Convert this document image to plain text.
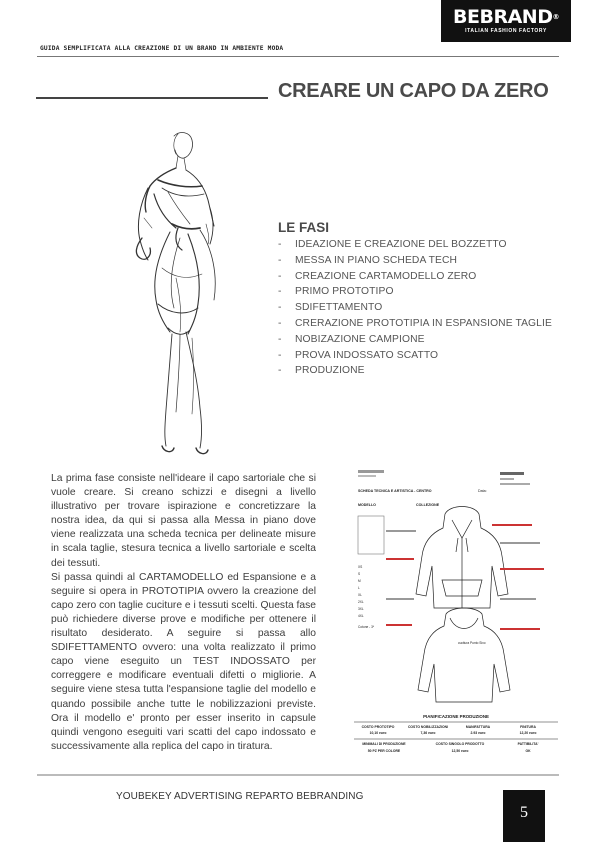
BEBRAND®
ITALIAN FASHION FACTORY
GUIDA SEMPLIFICATA ALLA CREAZIONE DI UN BRAND IN AMBIENTE MODA
CREARE UN CAPO DA ZERO
LE FASI
- IDEAZIONE E CREAZIONE DEL BOZZETTO
- MESSA IN PIANO SCHEDA TECH
- CREAZIONE CARTAMODELLO ZERO
- PRIMO PROTOTIPO
- SDIFETTAMENTO
- CRERAZIONE PROTOTIPIA IN ESPANSIONE TAGLIE
- NOBIZAZIONE CAMPIONE
- PROVA INDOSSATO SCATTO
- PRODUZIONE

La prima fase consiste nell'ideare il capo sartoriale che si vuole creare. Si creano schizzi e disegni a livello illustrativo per trovare ispirazione e concretizzare la nostra idea, da qui si passa alla Messa in piano dove viene realizzata una scheda tecnica per delineate misure in scala taglie, stesura tecnica a livello sartoriale e scelta dei tessuti.

Si passa quindi al CARTAMODELLO ed Espansione e a seguire si opera in PROTOTIPIA ovvero la creazione del capo zero con taglie cuciture e i tessuti scelti. Questa fase può richiedere diverse prove e modifiche per ottenere il risultato desiderato. A seguire si passa allo SDIFETTAMENTO ovvero: una volta realizzato il primo capo viene eseguito un TEST INDOSSATO per correggere e modificare eventuali difetti o migliorie. A seguire viene stesa tutta l'espansione taglie del modello e quando possibile anche tutte le nobilizzazioni previste. Ora il modello e' pronto per esser inserito in capsule quindi vengono eseguiti vari scatti del capo indossato e successivamente alla replica del capo in tiratura.

SCHEDA TECNICA E ARTISTICA - CENTRO	Data:
MODELLO	COLLEZIONE
XS
S
M
L
XL
2XL
3XL
4XL
Cotone - 3*
cucitura Punto Sixo
PIANIFICAZIONE PRODUZIONE
COSTO PROTOTIPO
10,10 euro
COSTO NOBILIZZAZIONI
7,36 euro
MANIFATTURA
2.93 euro
FINITURA
12,20 euro
MINIMALI DI PRODUZIONE
50 PZ PER COLORE
COSTO SINGOLO PRODOTTO
12,50 euro
PATTIBILITA'
OK
YOUBEKEY ADVERTISING REPARTO BEBRANDING
5
